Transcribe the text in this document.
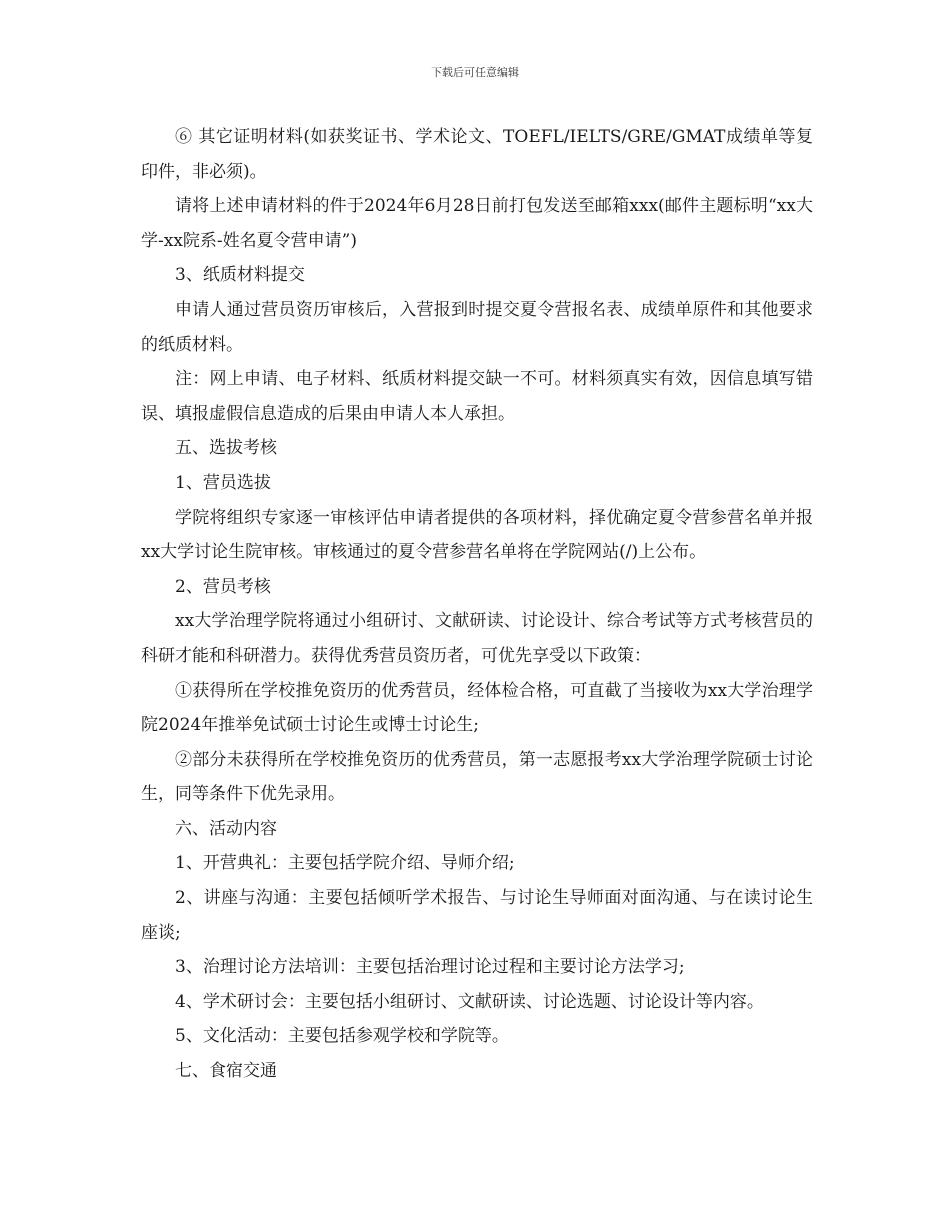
下载后可任意编辑

⑥ 其它证明材料(如获奖证书、学术论文、TOEFL/IELTS/GRE/GMAT成绩单等复印件，非必须)。

请将上述申请材料的件于2024年6月28日前打包发送至邮箱xxx(邮件主题标明“xx大学-xx院系-姓名夏令营申请”)

3、纸质材料提交

申请人通过营员资历审核后，入营报到时提交夏令营报名表、成绩单原件和其他要求的纸质材料。

注：网上申请、电子材料、纸质材料提交缺一不可。材料须真实有效，因信息填写错误、填报虚假信息造成的后果由申请人本人承担。

五、选拔考核

1、营员选拔

学院将组织专家逐一审核评估申请者提供的各项材料，择优确定夏令营参营名单并报xx大学讨论生院审核。审核通过的夏令营参营名单将在学院网站(/)上公布。

2、营员考核

xx大学治理学院将通过小组研讨、文献研读、讨论设计、综合考试等方式考核营员的科研才能和科研潜力。获得优秀营员资历者，可优先享受以下政策：

①获得所在学校推免资历的优秀营员，经体检合格，可直截了当接收为xx大学治理学院2024年推举免试硕士讨论生或博士讨论生;

②部分未获得所在学校推免资历的优秀营员，第一志愿报考xx大学治理学院硕士讨论生，同等条件下优先录用。

六、活动内容

1、开营典礼：主要包括学院介绍、导师介绍;

2、讲座与沟通：主要包括倾听学术报告、与讨论生导师面对面沟通、与在读讨论生座谈;

3、治理讨论方法培训：主要包括治理讨论过程和主要讨论方法学习;

4、学术研讨会：主要包括小组研讨、文献研读、讨论选题、讨论设计等内容。

5、文化活动：主要包括参观学校和学院等。

七、食宿交通
